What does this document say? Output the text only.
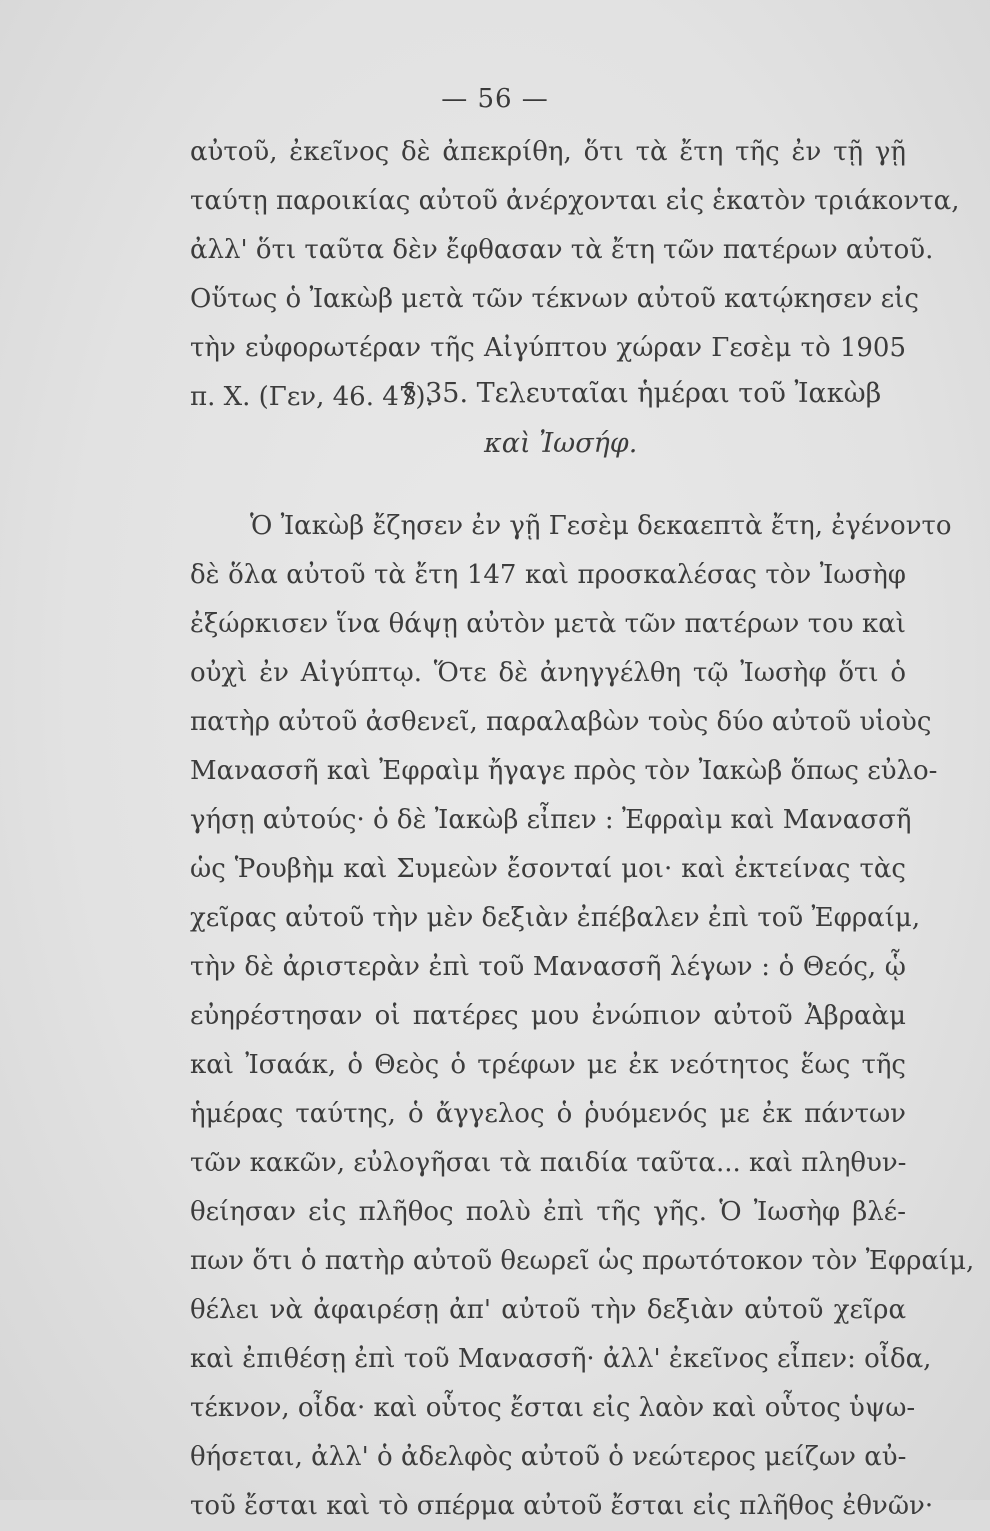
— 56 —
αὐτοῦ, ἐκεῖνος δὲ ἀπεκρίθη, ὅτι τὰ ἔτη τῆς ἐν τῇ γῇ
ταύτῃ παροικίας αὐτοῦ ἀνέρχονται εἰς ἑκατὸν τριάκοντα,
ἀλλ' ὅτι ταῦτα δὲν ἔφθασαν τὰ ἔτη τῶν πατέρων αὐτοῦ.
Οὕτως ὁ Ἰακὼβ μετὰ τῶν τέκνων αὐτοῦ κατῴκησεν εἰς
τὴν εὐφορωτέραν τῆς Αἰγύπτου χώραν Γεσὲμ τὸ 1905
π. Χ. (Γεν, 46. 47).
§ 35. Τελευταῖαι ἡμέραι τοῦ Ἰακὼβ
καὶ Ἰωσήφ.
Ὁ Ἰακὼβ ἔζησεν ἐν γῇ Γεσὲμ δεκαεπτὰ ἔτη, ἐγένοντο
δὲ ὅλα αὐτοῦ τὰ ἔτη 147 καὶ προσκαλέσας τὸν Ἰωσὴφ
ἐξώρκισεν ἵνα θάψῃ αὐτὸν μετὰ τῶν πατέρων του καὶ
οὐχὶ ἐν Αἰγύπτῳ. Ὅτε δὲ ἀνηγγέλθη τῷ Ἰωσὴφ ὅτι ὁ
πατὴρ αὐτοῦ ἀσθενεῖ, παραλαβὼν τοὺς δύο αὐτοῦ υἱοὺς
Μανασσῆ καὶ Ἐφραὶμ ἤγαγε πρὸς τὸν Ἰακὼβ ὅπως εὐλο-
γήσῃ αὐτούς· ὁ δὲ Ἰακὼβ εἶπεν : Ἐφραὶμ καὶ Μανασσῆ
ὡς Ῥουβὴμ καὶ Συμεὼν ἔσονταί μοι· καὶ ἐκτείνας τὰς
χεῖρας αὐτοῦ τὴν μὲν δεξιὰν ἐπέβαλεν ἐπὶ τοῦ Ἐφραίμ,
τὴν δὲ ἀριστερὰν ἐπὶ τοῦ Μανασσῆ λέγων : ὁ Θεός, ᾧ
εὐηρέστησαν οἱ πατέρες μου ἐνώπιον αὐτοῦ Ἀβραὰμ
καὶ Ἰσαάκ, ὁ Θεὸς ὁ τρέφων με ἐκ νεότητος ἕως τῆς
ἡμέρας ταύτης, ὁ ἄγγελος ὁ ῥυόμενός με ἐκ πάντων
τῶν κακῶν, εὐλογῆσαι τὰ παιδία ταῦτα... καὶ πληθυν-
θείησαν εἰς πλῆθος πολὺ ἐπὶ τῆς γῆς. Ὁ Ἰωσὴφ βλέ-
πων ὅτι ὁ πατὴρ αὐτοῦ θεωρεῖ ὡς πρωτότοκον τὸν Ἐφραίμ,
θέλει νὰ ἀφαιρέσῃ ἀπ' αὐτοῦ τὴν δεξιὰν αὐτοῦ χεῖρα
καὶ ἐπιθέσῃ ἐπὶ τοῦ Μανασσῆ· ἀλλ' ἐκεῖνος εἶπεν: οἶδα,
τέκνον, οἶδα· καὶ οὗτος ἔσται εἰς λαὸν καὶ οὗτος ὑψω-
θήσεται, ἀλλ' ὁ ἀδελφὸς αὐτοῦ ὁ νεώτερος μείζων αὐ-
τοῦ ἔσται καὶ τὸ σπέρμα αὐτοῦ ἔσται εἰς πλῆθος ἐθνῶν·
